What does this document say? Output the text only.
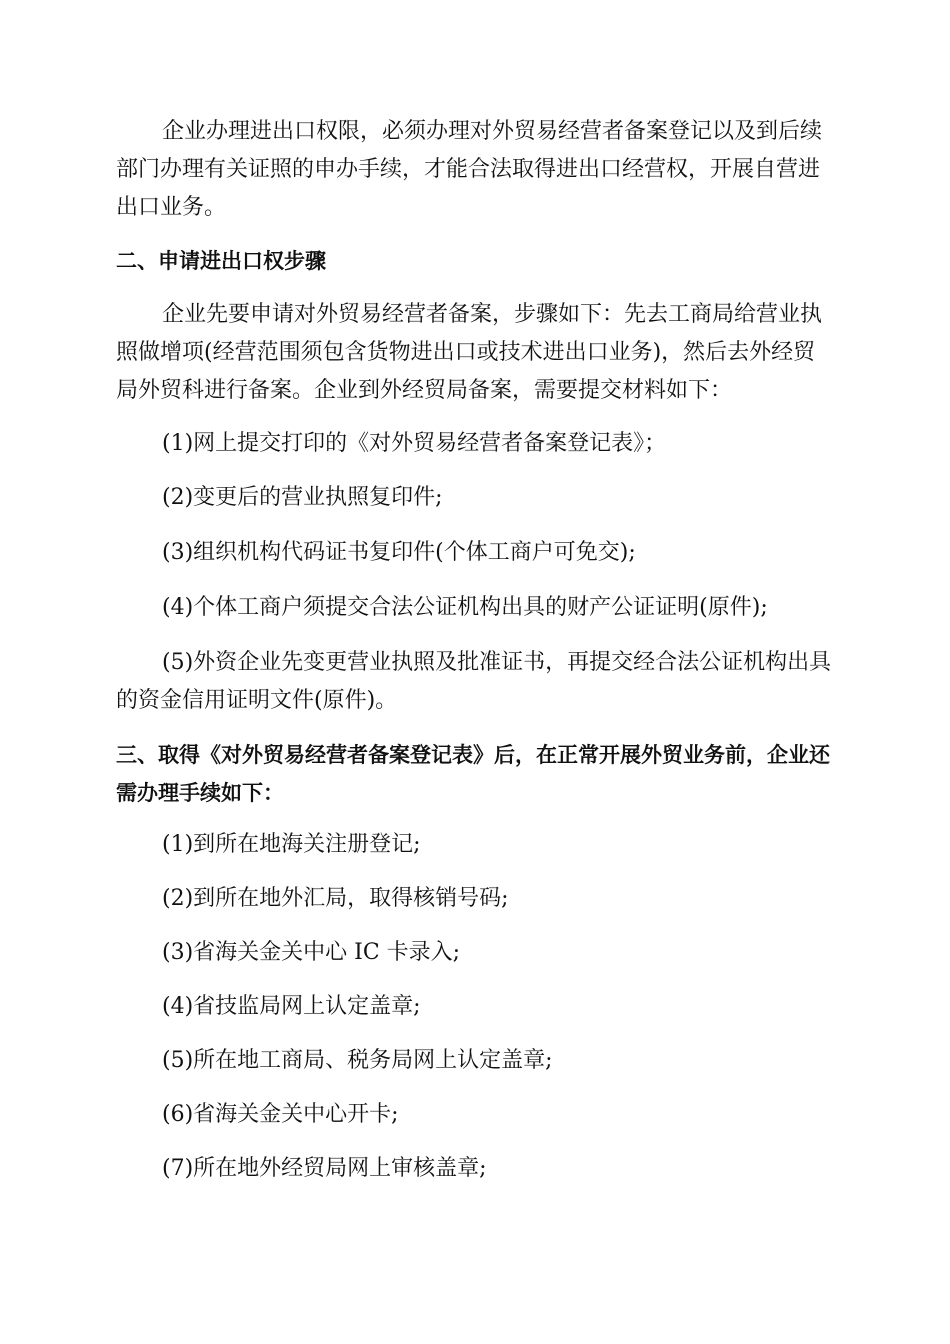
企业办理进出口权限，必须办理对外贸易经营者备案登记以及到后续部门办理有关证照的申办手续，才能合法取得进出口经营权，开展自营进出口业务。

二、申请进出口权步骤

企业先要申请对外贸易经营者备案，步骤如下：先去工商局给营业执照做增项(经营范围须包含货物进出口或技术进出口业务)，然后去外经贸局外贸科进行备案。企业到外经贸局备案，需要提交材料如下：

(1)网上提交打印的《对外贸易经营者备案登记表》；

(2)变更后的营业执照复印件;

(3)组织机构代码证书复印件(个体工商户可免交);

(4)个体工商户须提交合法公证机构出具的财产公证证明(原件);

(5)外资企业先变更营业执照及批准证书，再提交经合法公证机构出具的资金信用证明文件(原件)。

三、取得《对外贸易经营者备案登记表》后，在正常开展外贸业务前，企业还需办理手续如下：

(1)到所在地海关注册登记;

(2)到所在地外汇局，取得核销号码;

(3)省海关金关中心 IC 卡录入;

(4)省技监局网上认定盖章;

(5)所在地工商局、税务局网上认定盖章;

(6)省海关金关中心开卡;

(7)所在地外经贸局网上审核盖章;
